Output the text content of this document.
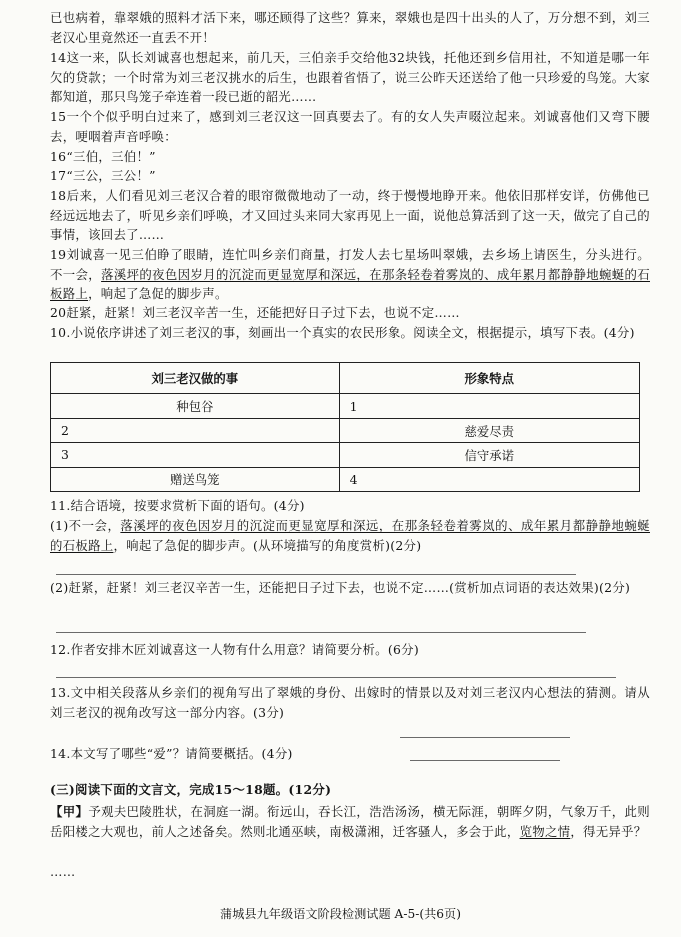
已也病着，靠翠娥的照料才活下来，哪还顾得了这些？算来，翠娥也是四十出头的人了，万分想不到，刘三老汉心里竟然还一直丢不开！
14这一来，队长刘诚喜也想起来，前几天，三伯亲手交给他32块钱，托他还到乡信用社，不知道是哪一年欠的贷款；一个时常为刘三老汉挑水的后生，也跟着省悟了，说三公昨天还送给了他一只珍爱的鸟笼。大家都知道，那只鸟笼子牵连着一段已逝的韶光……
15一个个似乎明白过来了，感到刘三老汉这一回真要去了。有的女人失声啜泣起来。刘诚喜他们又弯下腰去，哽咽着声音呼唤：
16“三伯，三伯！”
17“三公，三公！”
18后来，人们看见刘三老汉合着的眼帘微微地动了一动，终于慢慢地睁开来。他依旧那样安详，仿佛他已经远远地去了，听见乡亲们呼唤，才又回过头来同大家再见上一面，说他总算活到了这一天，做完了自己的事情，该回去了……
19刘诚喜一见三伯睁了眼睛，连忙叫乡亲们商量，打发人去七星场叫翠娥，去乡场上请医生，分头进行。不一会，落溪坪的夜色因岁月的沉淀而更显宽厚和深远，在那条轻卷着雾岚的、成年累月都静静地蜿蜒的石板路上，响起了急促的脚步声。
20赶紧，赶紧！刘三老汉辛苦一生，还能把好日子过下去，也说不定……
10.小说依序讲述了刘三老汉的事，刻画出一个真实的农民形象。阅读全文，根据提示，填写下表。(4分)
刘三老汉做的事	形象特点
种包谷	1
2	慈爱尽责
3	信守承诺
赠送鸟笼	4
11.结合语境，按要求赏析下面的语句。(4分)
(1)不一会，落溪坪的夜色因岁月的沉淀而更显宽厚和深远，在那条轻卷着雾岚的、成年累月都静静地蜿蜒的石板路上，响起了急促的脚步声。(从环境描写的角度赏析)(2分)
(2)赶紧，赶紧！刘三老汉辛苦一生，还能把日子过下去，也说不定……(赏析加点词语的表达效果)(2分)
12.作者安排木匠刘诚喜这一人物有什么用意？请简要分析。(6分)
13.文中相关段落从乡亲们的视角写出了翠娥的身份、出嫁时的情景以及对刘三老汉内心想法的猜测。请从刘三老汉的视角改写这一部分内容。(3分)
14.本文写了哪些“爱”？请简要概括。(4分)
(三)阅读下面的文言文，完成15～18题。(12分)
【甲】予观夫巴陵胜状，在洞庭一湖。衔远山，吞长江，浩浩汤汤，横无际涯，朝晖夕阴，气象万千，此则岳阳楼之大观也，前人之述备矣。然则北通巫峡，南极潇湘，迁客骚人，多会于此，览物之情，得无异乎？
……
蒲城县九年级语文阶段检测试题 A-5-(共6页)
